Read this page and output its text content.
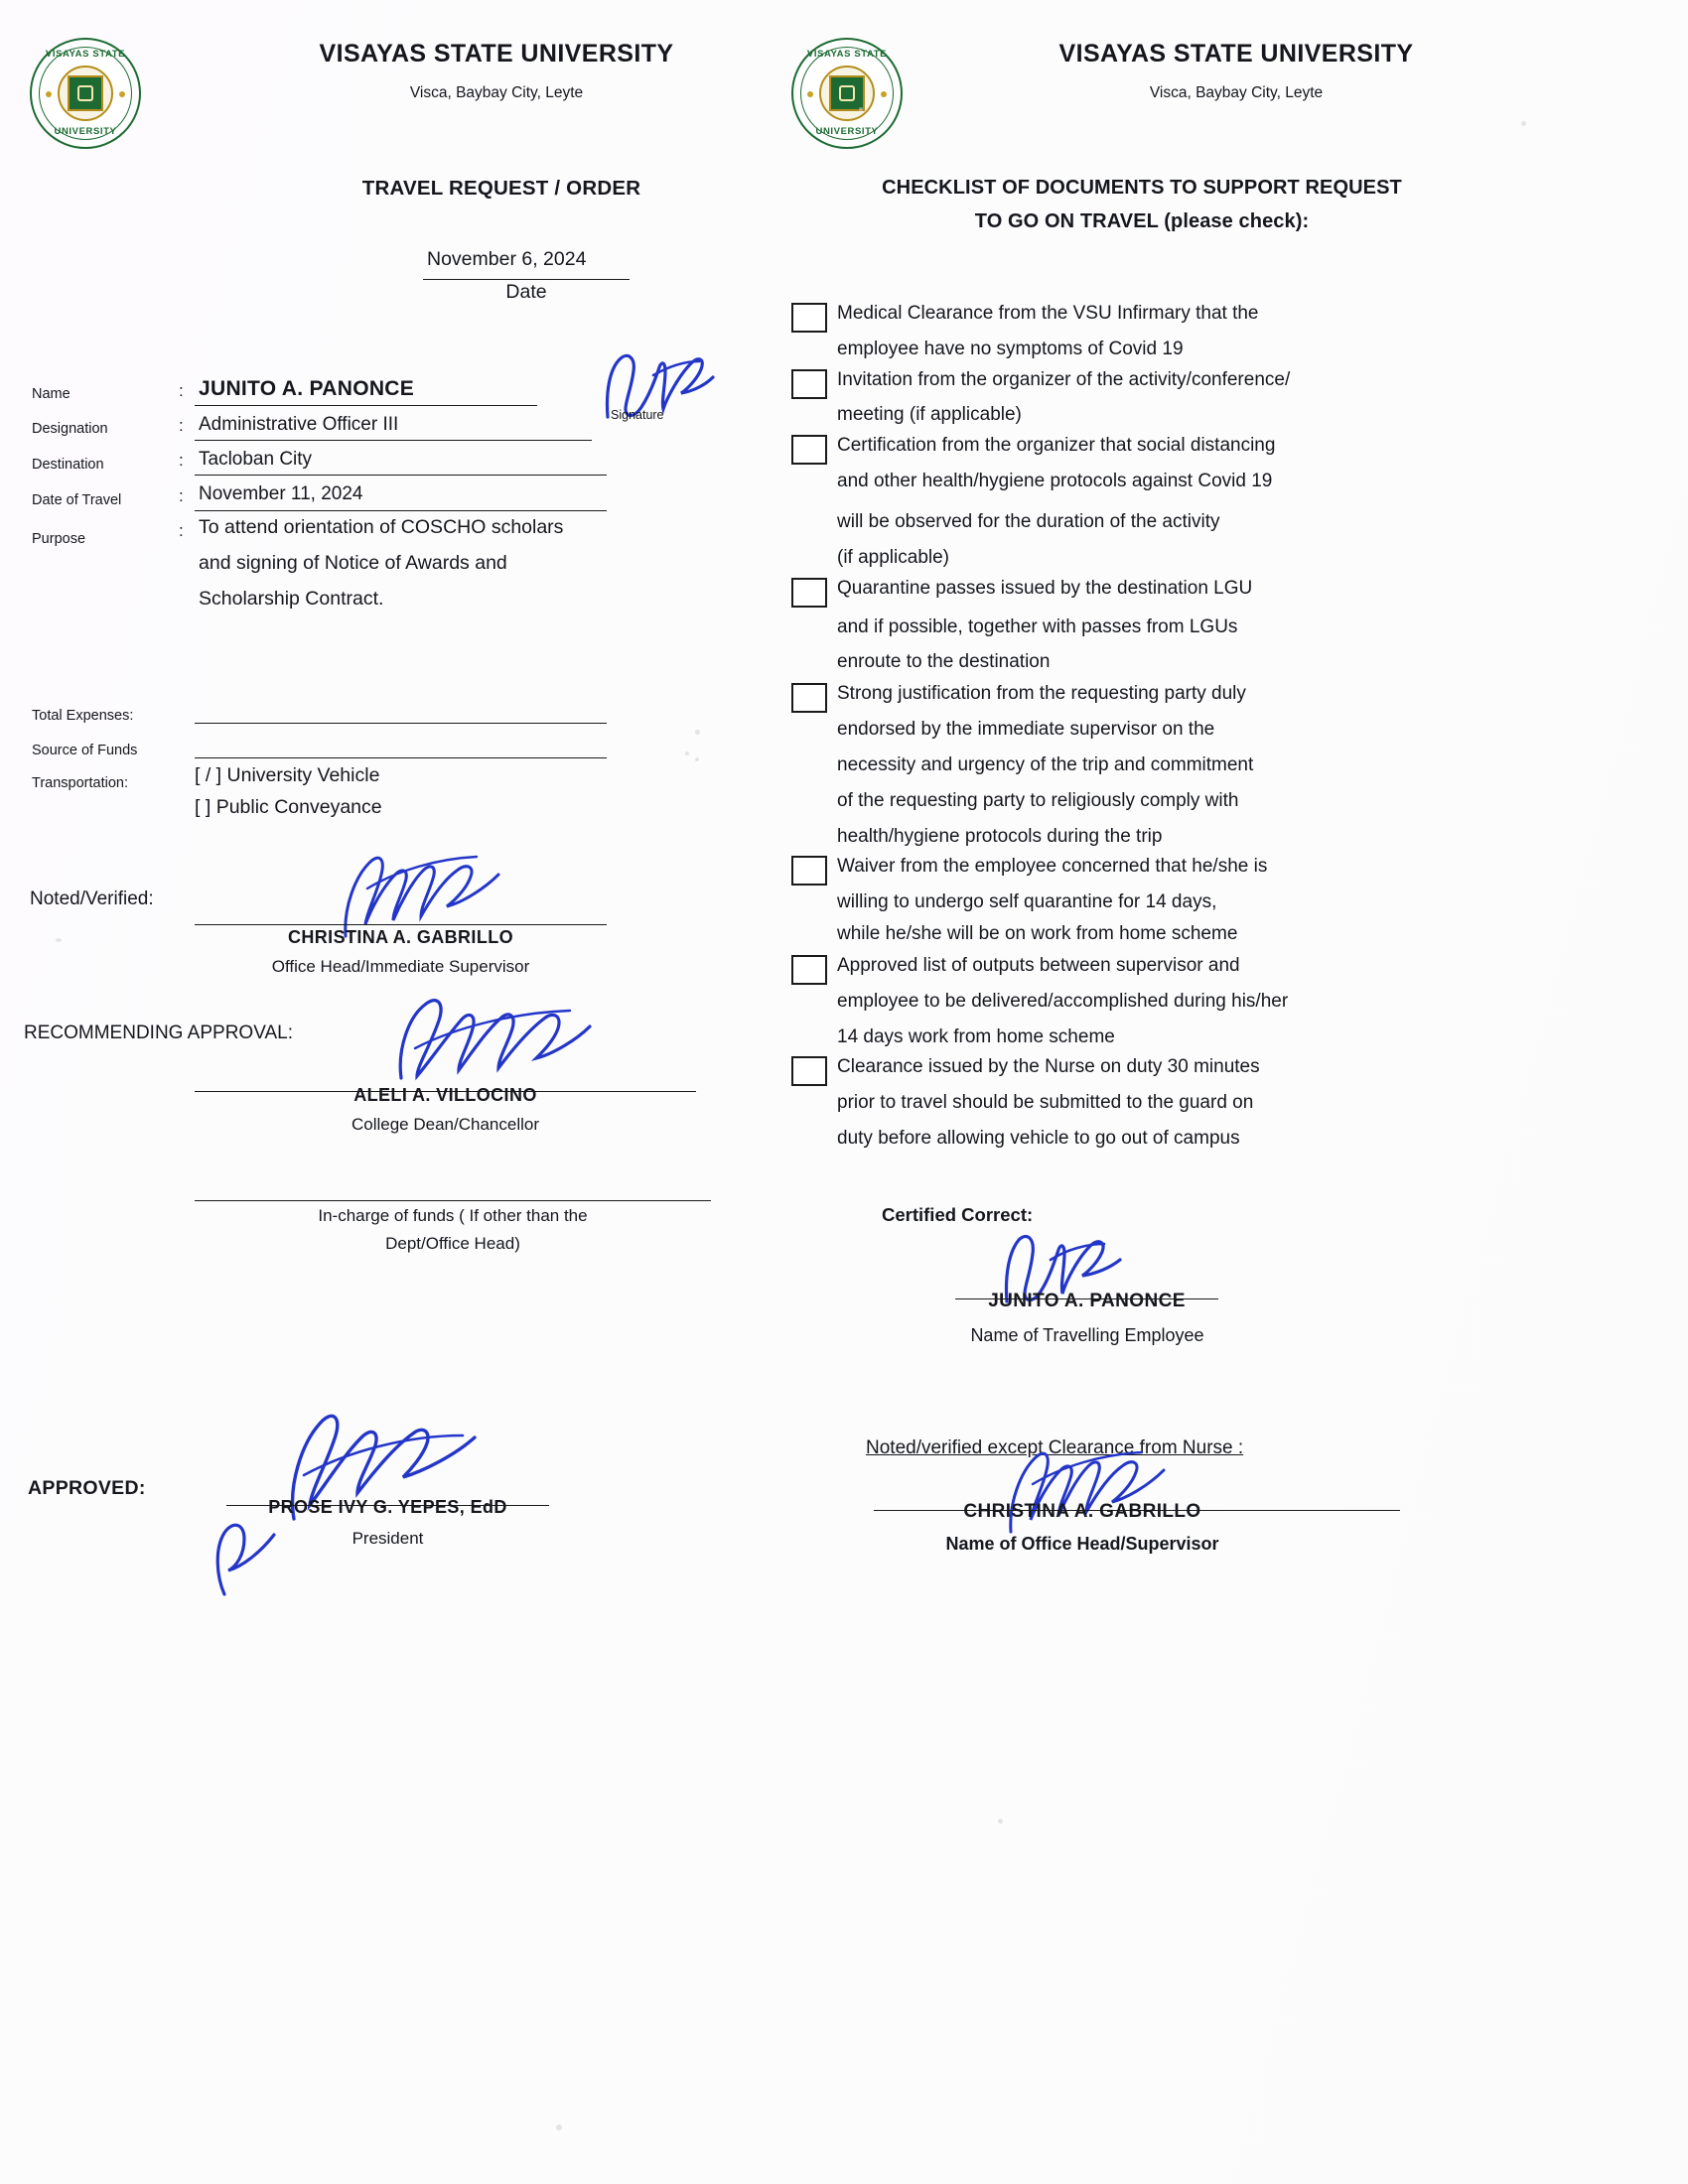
VISAYAS STATE
UNIVERSITY
VISAYAS STATE UNIVERSITY
Visca, Baybay City, Leyte
TRAVEL REQUEST / ORDER
November 6, 2024
Date
Name	: JUNITO A. PANONCE
Designation	: Administrative Officer III
Destination	: Tacloban City
Date of Travel	: November 11, 2024
Purpose	: To attend orientation of COSCHO scholars
and signing of Notice of Awards and
Scholarship Contract.
Signature
Total Expenses:
Source of Funds
Transportation:	[ / ] University Vehicle
[ ] Public Conveyance
Noted/Verified:
CHRISTINA A. GABRILLO
Office Head/Immediate Supervisor
RECOMMENDING APPROVAL:
ALELI A. VILLOCINO
College Dean/Chancellor
In-charge of funds ( If other than the
Dept/Office Head)
APPROVED:
PROSE IVY G. YEPES, EdD
President
VISAYAS STATE
UNIVERSITY
VISAYAS STATE UNIVERSITY
Visca, Baybay City, Leyte
CHECKLIST OF DOCUMENTS TO SUPPORT REQUEST
TO GO ON TRAVEL (please check):
Medical Clearance from the VSU Infirmary that the
employee have no symptoms of Covid 19
Invitation from the organizer of the activity/conference/
meeting (if applicable)
Certification from the organizer that social distancing
and other health/hygiene protocols against Covid 19
will be observed for the duration of the activity
(if applicable)
Quarantine passes issued by the destination LGU
and if possible, together with passes from LGUs
enroute to the destination
Strong justification from the requesting party duly
endorsed by the immediate supervisor on the
necessity and urgency of the trip and commitment
of the requesting party to religiously comply with
health/hygiene protocols during the trip
Waiver from the employee concerned that he/she is
willing to undergo self quarantine for 14 days,
while he/she will be on work from home scheme
Approved list of outputs between supervisor and
employee to be delivered/accomplished during his/her
14 days work from home scheme
Clearance issued by the Nurse on duty 30 minutes
prior to travel should be submitted to the guard on
duty before allowing vehicle to go out of campus
Certified Correct:
JUNITO A. PANONCE
Name of Travelling Employee
Noted/verified except Clearance from Nurse :
CHRISTINA A. GABRILLO
Name of Office Head/Supervisor
